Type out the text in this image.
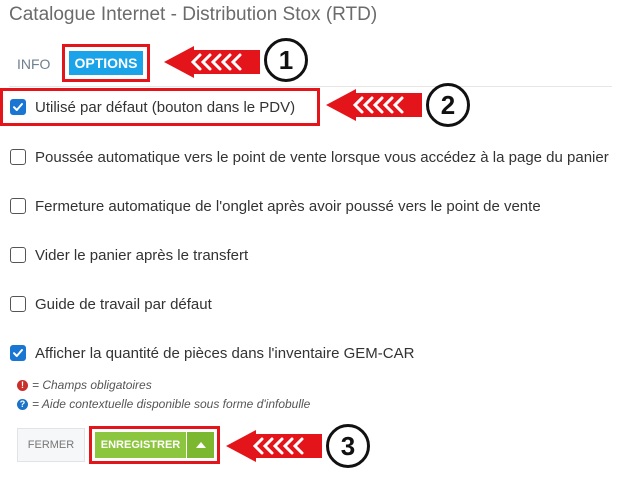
Catalogue Internet - Distribution Stox (RTD)
INFO	OPTIONS
Utilisé par défaut (bouton dans le PDV)
Poussée automatique vers le point de vente lorsque vous accédez à la page du panier
Fermeture automatique de l'onglet après avoir poussé vers le point de vente
Vider le panier après le transfert
Guide de travail par défaut
Afficher la quantité de pièces dans l'inventaire GEM-CAR
! = Champs obligatoires
? = Aide contextuelle disponible sous forme d'infobulle
FERMER	ENREGISTRER
1
2
3
